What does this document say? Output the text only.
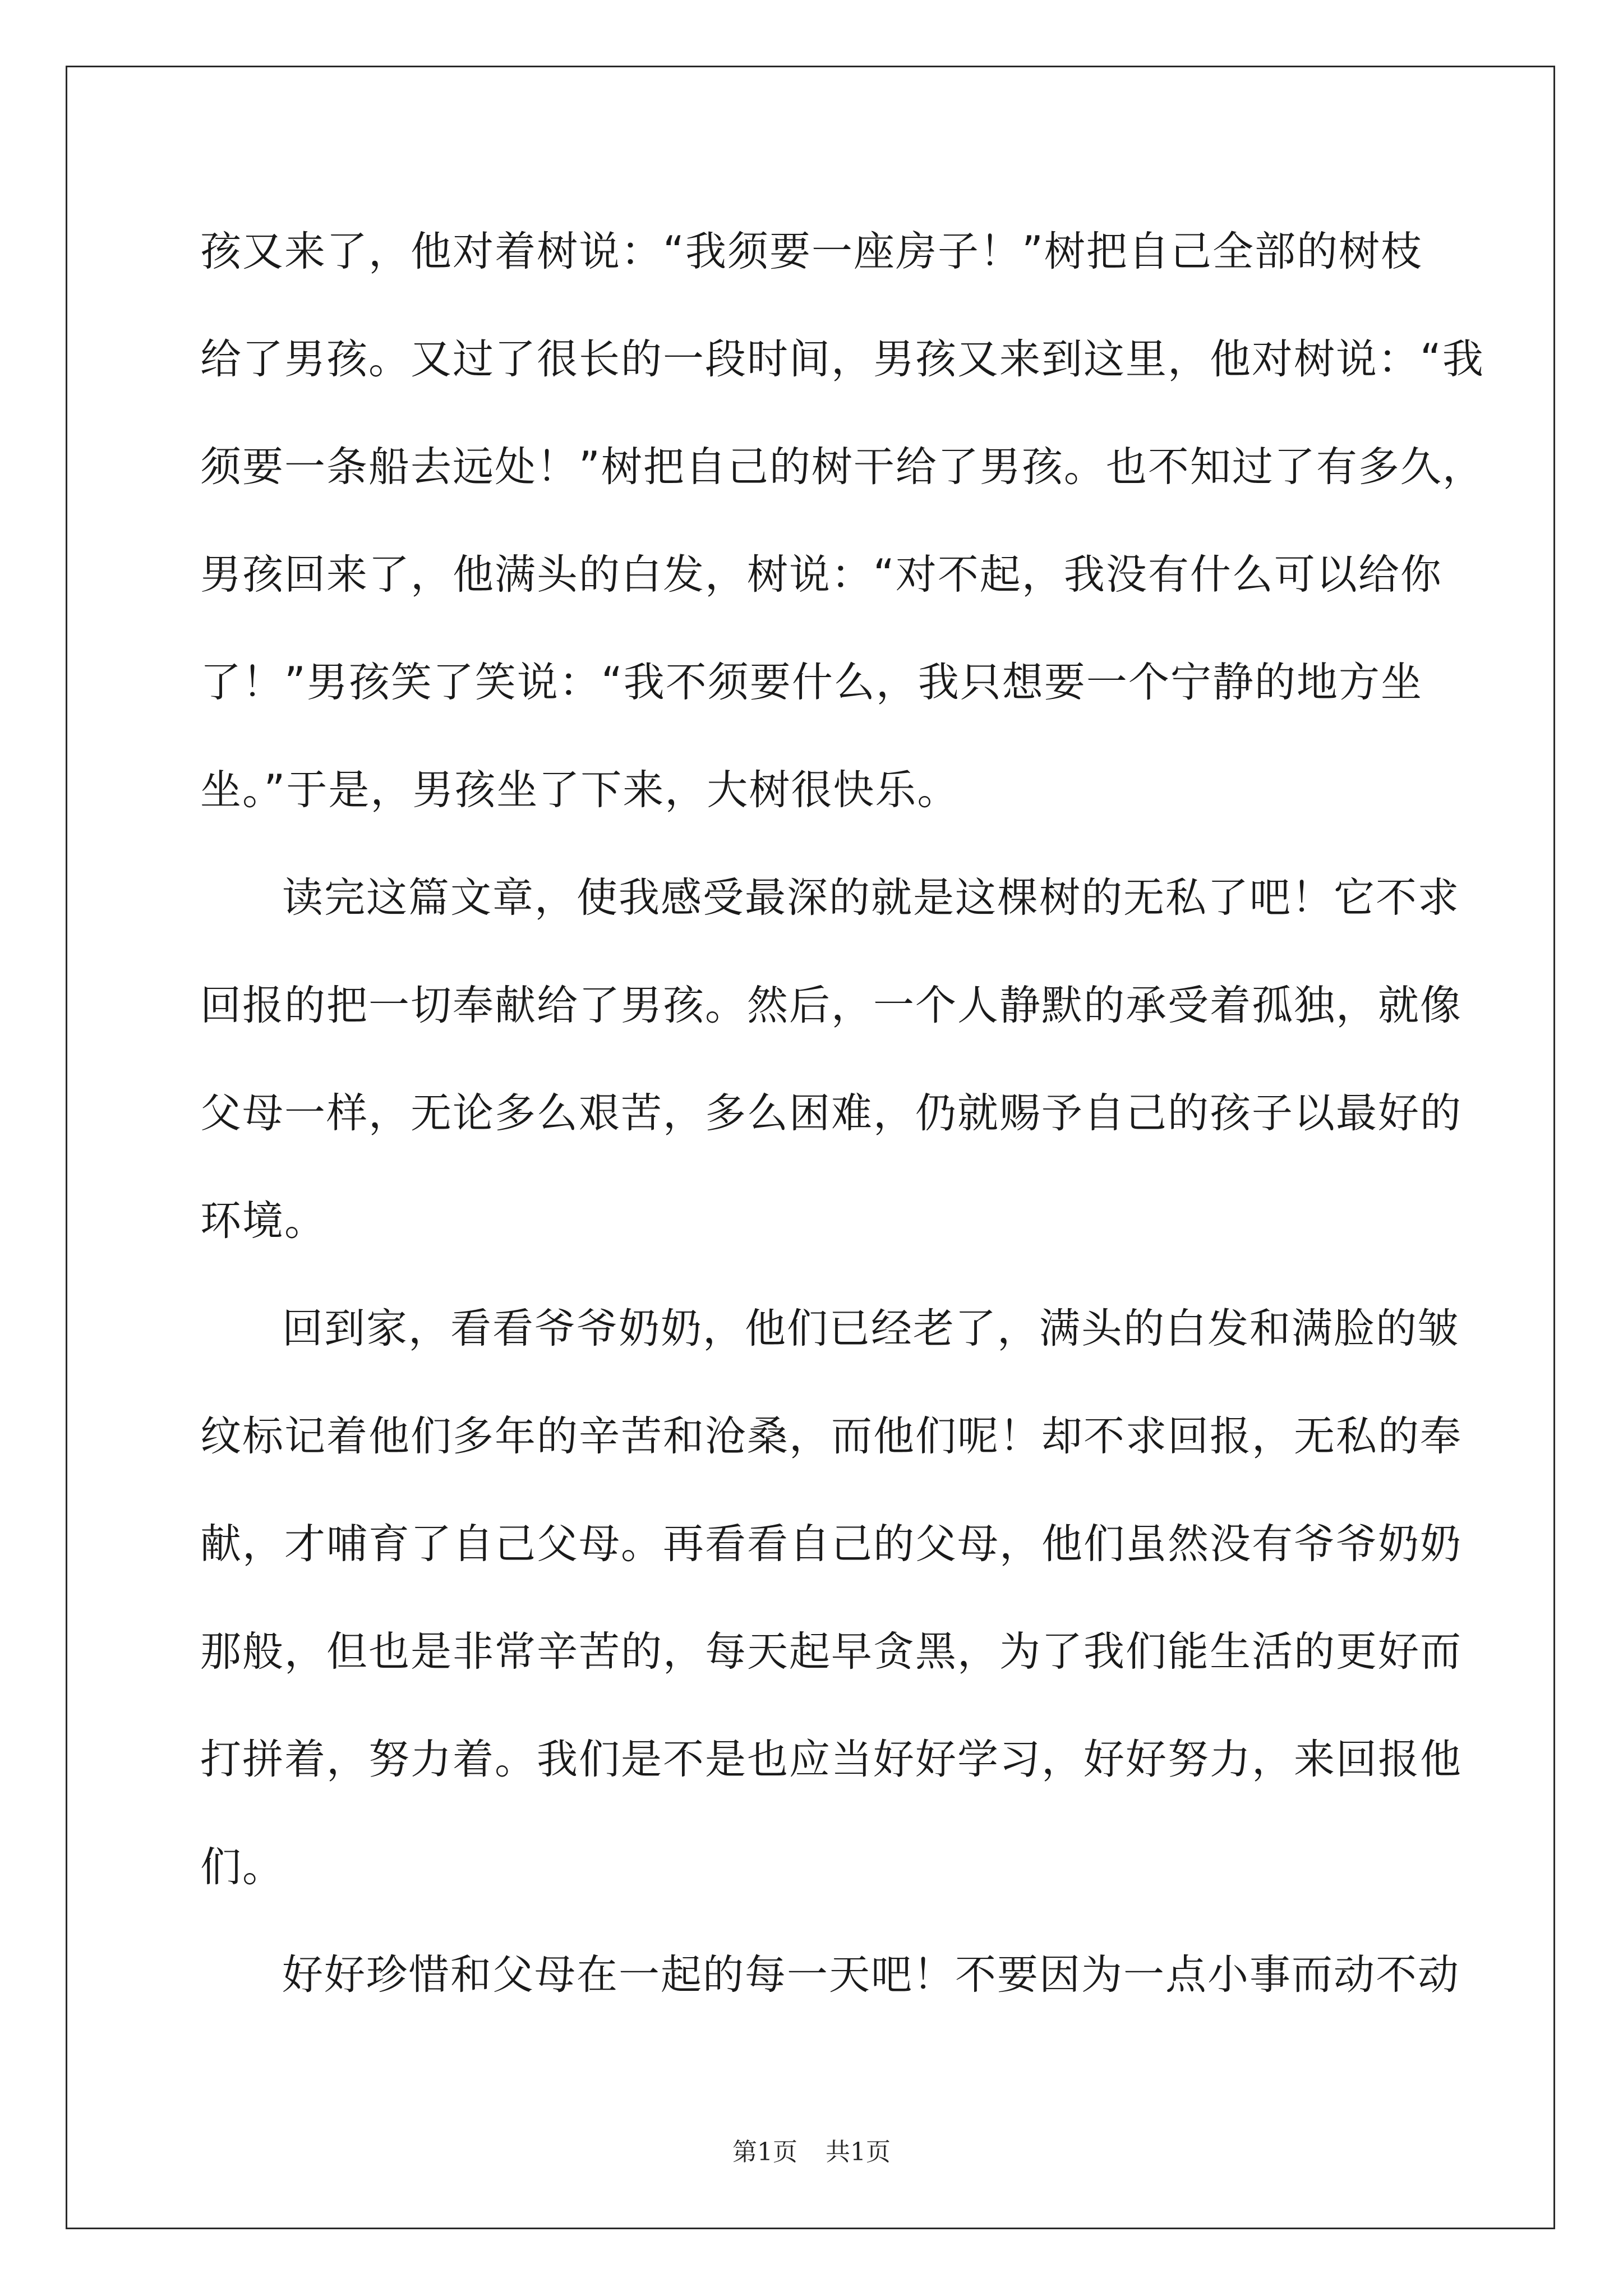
孩又来了，他对着树说：“我须要一座房子！”树把自己全部的树枝
给了男孩。又过了很长的一段时间，男孩又来到这里，他对树说：“我
须要一条船去远处！”树把自己的树干给了男孩。也不知过了有多久，
男孩回来了，他满头的白发，树说：“对不起，我没有什么可以给你
了！”男孩笑了笑说：“我不须要什么，我只想要一个宁静的地方坐
坐。”于是，男孩坐了下来，大树很快乐。
读完这篇文章，使我感受最深的就是这棵树的无私了吧！它不求
回报的把一切奉献给了男孩。然后，一个人静默的承受着孤独，就像
父母一样，无论多么艰苦，多么困难，仍就赐予自己的孩子以最好的
环境。
回到家，看看爷爷奶奶，他们已经老了，满头的白发和满脸的皱
纹标记着他们多年的辛苦和沧桑，而他们呢！却不求回报，无私的奉
献，才哺育了自己父母。再看看自己的父母，他们虽然没有爷爷奶奶
那般，但也是非常辛苦的，每天起早贪黑，为了我们能生活的更好而
打拼着，努力着。我们是不是也应当好好学习，好好努力，来回报他
们。
好好珍惜和父母在一起的每一天吧！不要因为一点小事而动不动
第1页 共1页
